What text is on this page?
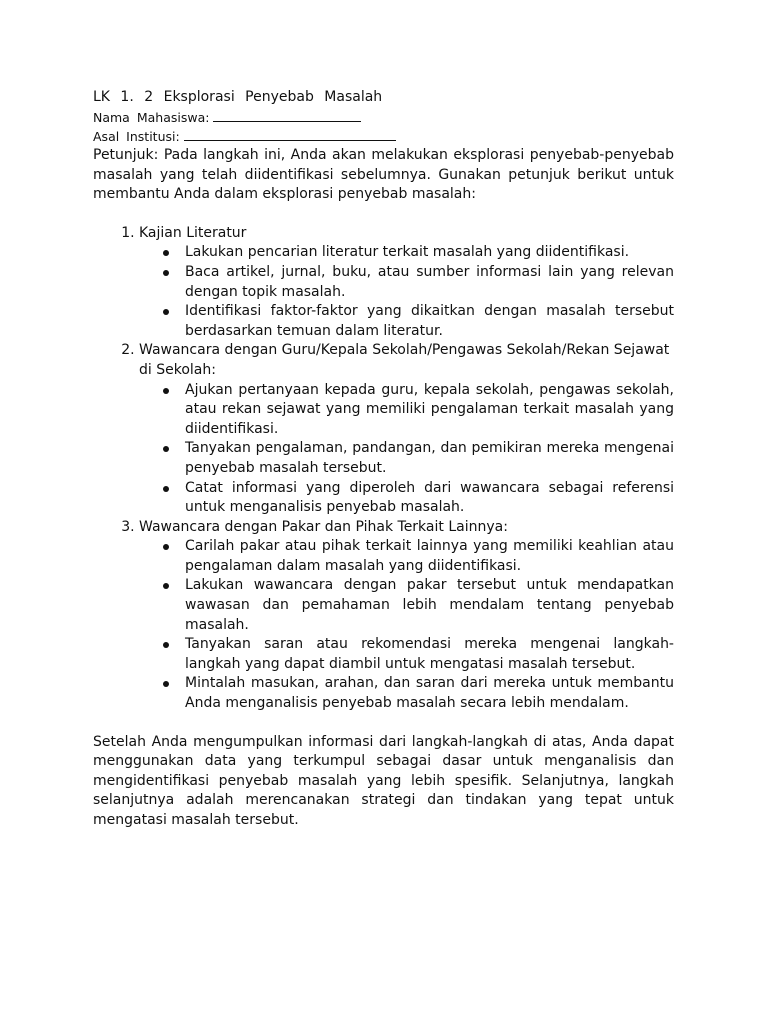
LK 1. 2 Eksplorasi Penyebab Masalah

Nama Mahasiswa:

Asal Institusi:

Petunjuk: Pada langkah ini, Anda akan melakukan eksplorasi penyebab-penyebab masalah yang telah diidentifikasi sebelumnya. Gunakan petunjuk berikut untuk membantu Anda dalam eksplorasi penyebab masalah:

1. Kajian Literatur
Lakukan pencarian literatur terkait masalah yang diidentifikasi.
Baca artikel, jurnal, buku, atau sumber informasi lain yang relevan dengan topik masalah.
Identifikasi faktor-faktor yang dikaitkan dengan masalah tersebut berdasarkan temuan dalam literatur.
2. Wawancara dengan Guru/Kepala Sekolah/Pengawas Sekolah/Rekan Sejawat di Sekolah:
Ajukan pertanyaan kepada guru, kepala sekolah, pengawas sekolah, atau rekan sejawat yang memiliki pengalaman terkait masalah yang diidentifikasi.
Tanyakan pengalaman, pandangan, dan pemikiran mereka mengenai penyebab masalah tersebut.
Catat informasi yang diperoleh dari wawancara sebagai referensi untuk menganalisis penyebab masalah.
3. Wawancara dengan Pakar dan Pihak Terkait Lainnya:
Carilah pakar atau pihak terkait lainnya yang memiliki keahlian atau pengalaman dalam masalah yang diidentifikasi.
Lakukan wawancara dengan pakar tersebut untuk mendapatkan wawasan dan pemahaman lebih mendalam tentang penyebab masalah.
Tanyakan saran atau rekomendasi mereka mengenai langkah-langkah yang dapat diambil untuk mengatasi masalah tersebut.
Mintalah masukan, arahan, dan saran dari mereka untuk membantu Anda menganalisis penyebab masalah secara lebih mendalam.

Setelah Anda mengumpulkan informasi dari langkah-langkah di atas, Anda dapat menggunakan data yang terkumpul sebagai dasar untuk menganalisis dan mengidentifikasi penyebab masalah yang lebih spesifik. Selanjutnya, langkah selanjutnya adalah merencanakan strategi dan tindakan yang tepat untuk mengatasi masalah tersebut.
